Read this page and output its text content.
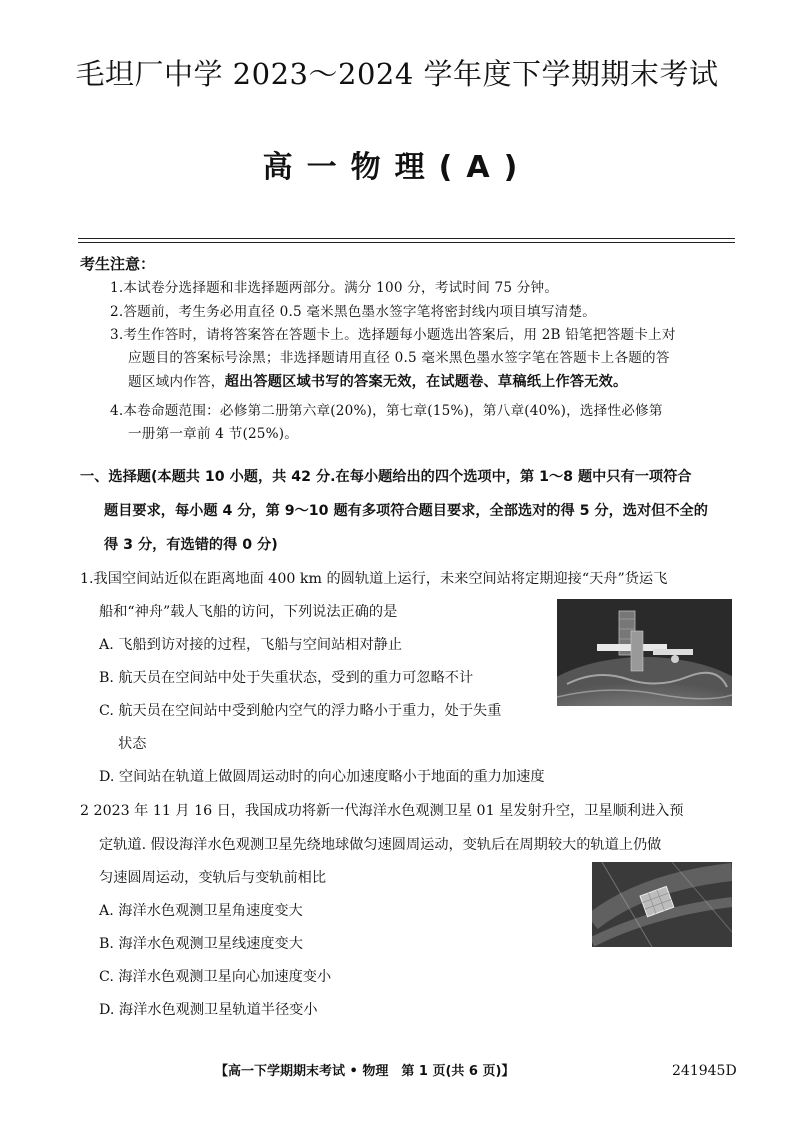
毛坦厂中学 2023～2024 学年度下学期期末考试
高一物理(A)
考生注意：
1.本试卷分选择题和非选择题两部分。满分 100 分，考试时间 75 分钟。
2.答题前，考生务必用直径 0.5 毫米黑色墨水签字笔将密封线内项目填写清楚。
3.考生作答时，请将答案答在答题卡上。选择题每小题选出答案后，用 2B 铅笔把答题卡上对
应题目的答案标号涂黑；非选择题请用直径 0.5 毫米黑色墨水签字笔在答题卡上各题的答
题区域内作答，超出答题区域书写的答案无效，在试题卷、草稿纸上作答无效。
4.本卷命题范围：必修第二册第六章(20%)，第七章(15%)，第八章(40%)，选择性必修第
一册第一章前 4 节(25%)。
一、选择题(本题共 10 小题，共 42 分.在每小题给出的四个选项中，第 1～8 题中只有一项符合
题目要求，每小题 4 分，第 9～10 题有多项符合题目要求，全部选对的得 5 分，选对但不全的
得 3 分，有选错的得 0 分)
1.我国空间站近似在距离地面 400 km 的圆轨道上运行，未来空间站将定期迎接“天舟”货运飞
船和“神舟”载人飞船的访问，下列说法正确的是
A. 飞船到访对接的过程，飞船与空间站相对静止
B. 航天员在空间站中处于失重状态，受到的重力可忽略不计
C. 航天员在空间站中受到舱内空气的浮力略小于重力，处于失重
状态
D. 空间站在轨道上做圆周运动时的向心加速度略小于地面的重力加速度
2 2023 年 11 月 16 日，我国成功将新一代海洋水色观测卫星 01 星发射升空，卫星顺利进入预
定轨道. 假设海洋水色观测卫星先绕地球做匀速圆周运动，变轨后在周期较大的轨道上仍做
匀速圆周运动，变轨后与变轨前相比
A. 海洋水色观测卫星角速度变大
B. 海洋水色观测卫星线速度变大
C. 海洋水色观测卫星向心加速度变小
D. 海洋水色观测卫星轨道半径变小
【高一下学期期末考试 • 物理　第 1 页(共 6 页)】	241945D
